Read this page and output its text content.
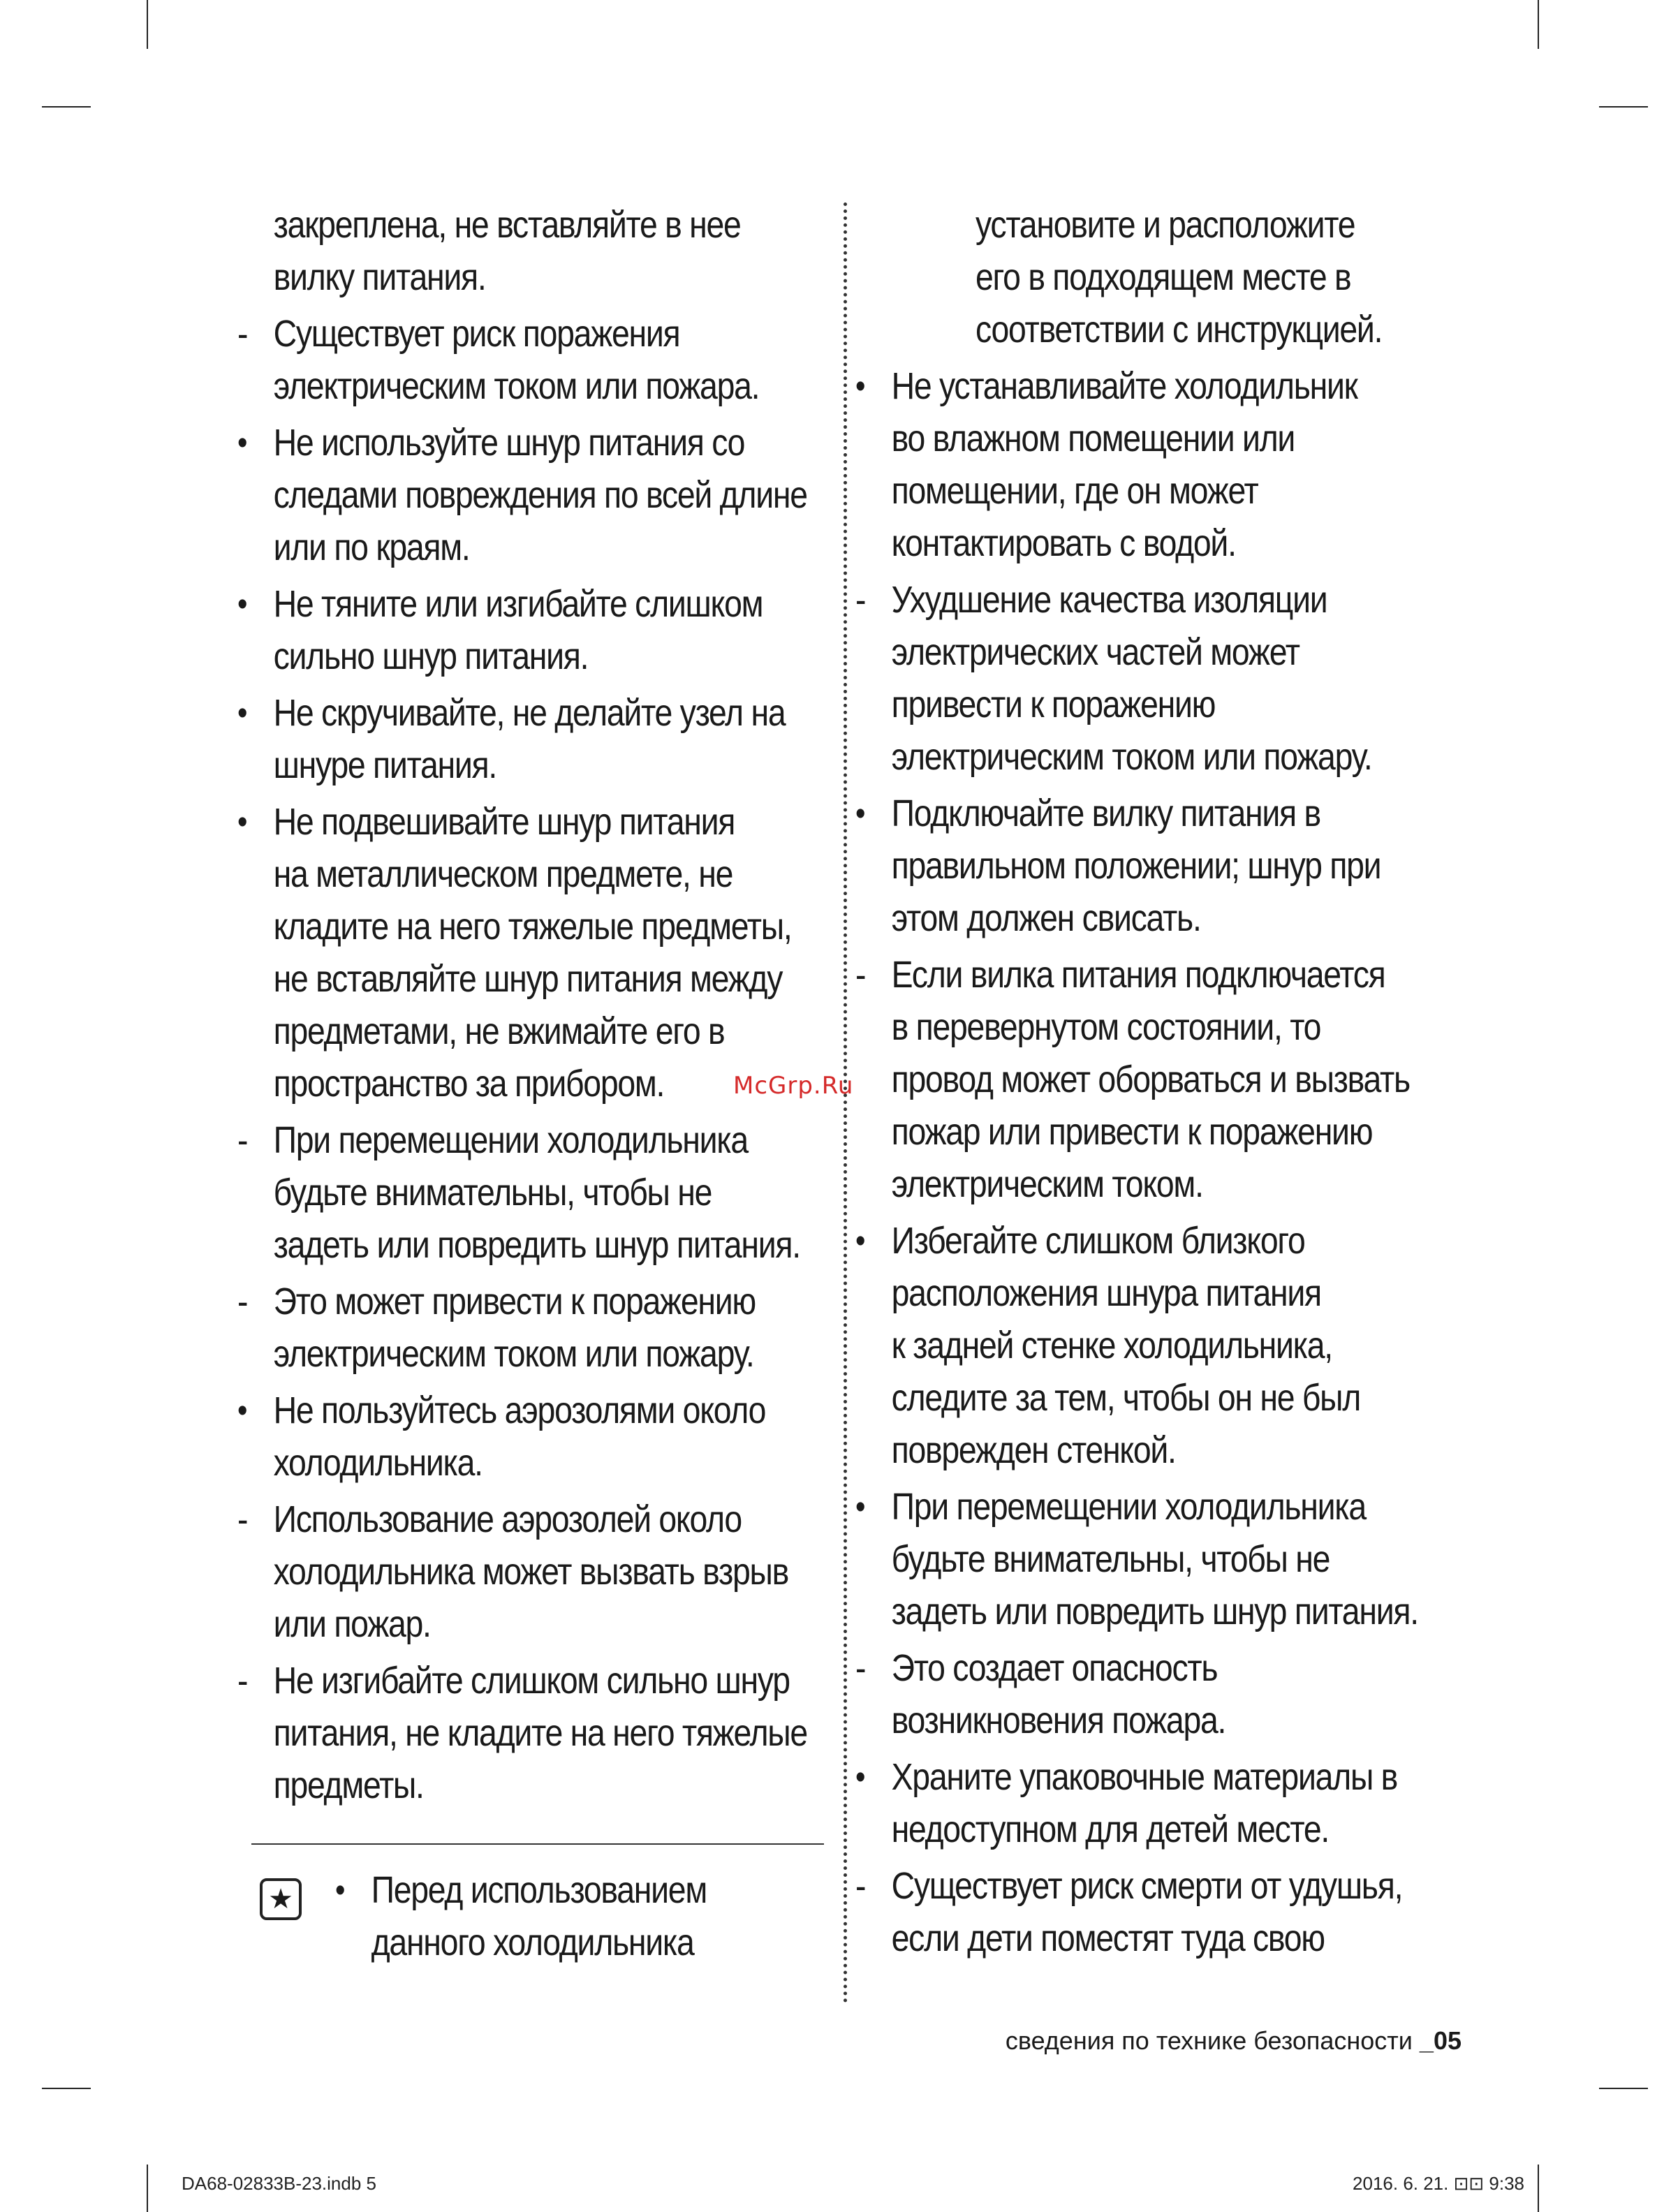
закреплена, не вставляйте в нее
вилку питания.
- Существует риск поражения
электрическим током или пожара.
• Не используйте шнур питания со
следами повреждения по всей длине
или по краям.
• Не тяните или изгибайте слишком
сильно шнур питания.
• Не скручивайте, не делайте узел на
шнуре питания.
• Не подвешивайте шнур питания
на металлическом предмете, не
кладите на него тяжелые предметы,
не вставляйте шнур питания между
предметами, не вжимайте его в
пространство за прибором.
- При перемещении холодильника
будьте внимательны, чтобы не
задеть или повредить шнур питания.
- Это может привести к поражению
электрическим током или пожару.
• Не пользуйтесь аэрозолями около
холодильника.
- Использование аэрозолей около
холодильника может вызвать взрыв
или пожар.
- Не изгибайте слишком сильно шнур
питания, не кладите на него тяжелые
предметы.
установите и расположите
его в подходящем месте в
соответствии с инструкцией.
• Не устанавливайте холодильник
во влажном помещении или
помещении, где он может
контактировать с водой.
- Ухудшение качества изоляции
электрических частей может
привести к поражению
электрическим током или пожару.
• Подключайте вилку питания в
правильном положении; шнур при
этом должен свисать.
- Если вилка питания подключается
в перевернутом состоянии, то
провод может оборваться и вызвать
пожар или привести к поражению
электрическим током.
• Избегайте слишком близкого
расположения шнура питания
к задней стенке холодильника,
следите за тем, чтобы он не был
поврежден стенкой.
• При перемещении холодильника
будьте внимательны, чтобы не
задеть или повредить шнур питания.
- Это создает опасность
возникновения пожара.
• Храните упаковочные материалы в
недоступном для детей месте.
- Существует риск смерти от удушья,
если дети поместят туда свою
★ • Перед использованием
данного холодильника
McGrp.Ru
сведения по технике безопасности _05
DA68-02833B-23.indb 5	2016. 6. 21. ⊡⊡ 9:38
